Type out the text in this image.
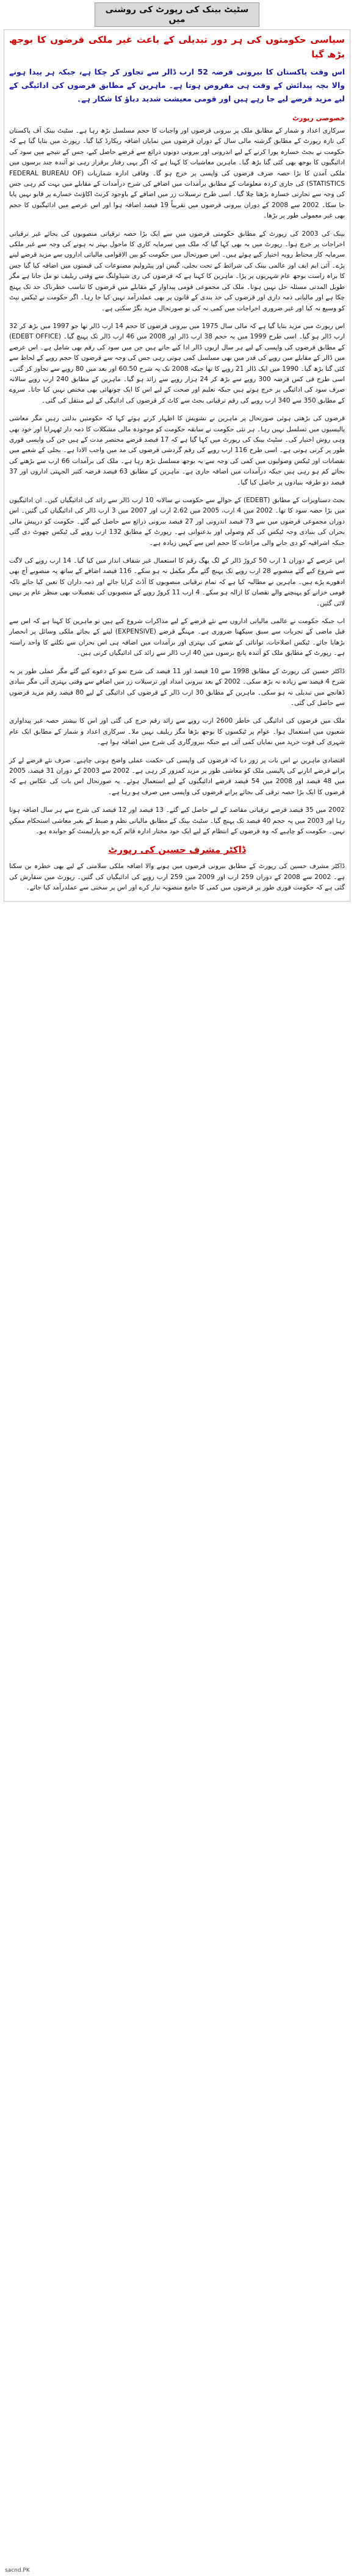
سٹیٹ بینک کی رپورٹ کی روشنی میں
سیاسی حکومتوں کی ہر دور تبدیلی کے باعث غیر ملکی قرضوں کا بوجھ بڑھ گیا

اس وقت پاکستان کا بیرونی قرضہ 52 ارب ڈالر سے تجاوز کر چکا ہے، جبکہ ہر پیدا ہونے والا بچہ پیدائش کے وقت ہی مقروض ہوتا ہے۔ ماہرین کے مطابق قرضوں کی ادائیگی کے لیے مزید قرضے لیے جا رہے ہیں اور قومی معیشت شدید دباؤ کا شکار ہے۔

خصوصی رپورٹ

سرکاری اعداد و شمار کے مطابق ملک پر بیرونی قرضوں اور واجبات کا حجم مسلسل بڑھ رہا ہے۔ سٹیٹ بینک آف پاکستان کی تازہ رپورٹ کے مطابق گزشتہ مالی سال کے دوران قرضوں میں نمایاں اضافہ ریکارڈ کیا گیا۔ رپورٹ میں بتایا گیا ہے کہ حکومت نے بجٹ خسارہ پورا کرنے کے لیے اندرونی اور بیرونی دونوں ذرائع سے قرضے حاصل کیے، جس کے نتیجے میں سود کی ادائیگیوں کا بوجھ بھی کئی گنا بڑھ گیا۔ ماہرین معاشیات کا کہنا ہے کہ اگر یہی رفتار برقرار رہی تو آئندہ چند برسوں میں ملکی آمدن کا بڑا حصہ صرف قرضوں کی واپسی پر خرچ ہو گا۔ وفاقی ادارہ شماریات (FEDERAL BUREAU OF STATISTICS) کی جاری کردہ معلومات کے مطابق برآمدات میں اضافے کی شرح درآمدات کے مقابلے میں بہت کم رہی جس کی وجہ سے تجارتی خسارہ بڑھتا چلا گیا۔ اسی طرح ترسیلات زر میں اضافے کے باوجود کرنٹ اکاؤنٹ خسارے پر قابو نہیں پایا جا سکا۔ 2002 سے 2008 کے دوران بیرونی قرضوں میں تقریباً 19 فیصد اضافہ ہوا اور اس عرصے میں ادائیگیوں کا حجم بھی غیر معمولی طور پر بڑھا۔

بینک کی 2003 کی رپورٹ کے مطابق حکومتی قرضوں میں سے ایک بڑا حصہ ترقیاتی منصوبوں کی بجائے غیر ترقیاتی اخراجات پر خرچ ہوا۔ رپورٹ میں یہ بھی کہا گیا کہ ملک میں سرمایہ کاری کا ماحول بہتر نہ ہونے کی وجہ سے غیر ملکی سرمایہ کار محتاط رویہ اختیار کیے ہوئے ہیں۔ اس صورتحال میں حکومت کو بین الاقوامی مالیاتی اداروں سے مزید قرضے لینے پڑے۔ آئی ایم ایف اور عالمی بینک کی شرائط کے تحت بجلی، گیس اور پیٹرولیم مصنوعات کی قیمتوں میں اضافہ کیا گیا جس کا براہ راست بوجھ عام شہریوں پر پڑا۔ ماہرین کا کہنا ہے کہ قرضوں کی ری شیڈولنگ سے وقتی ریلیف تو مل جاتا ہے مگر طویل المدتی مسئلہ حل نہیں ہوتا۔ ملک کی مجموعی قومی پیداوار کے مقابلے میں قرضوں کا تناسب خطرناک حد تک پہنچ چکا ہے اور مالیاتی ذمہ داری اور قرضوں کی حد بندی کے قانون پر بھی عملدرآمد نہیں کیا جا رہا۔ اگر حکومت نے ٹیکس نیٹ کو وسیع نہ کیا اور غیر ضروری اخراجات میں کمی نہ کی تو صورتحال مزید بگڑ سکتی ہے۔

اس رپورٹ میں مزید بتایا گیا ہے کہ مالی سال 1975 میں بیرونی قرضوں کا حجم 14 ارب ڈالر تھا جو 1997 میں بڑھ کر 32 ارب ڈالر ہو گیا۔ اسی طرح 1999 میں یہ حجم 38 ارب ڈالر اور 2008 میں 46 ارب ڈالر تک پہنچ گیا۔ (EDEBT OFFICE) کے مطابق قرضوں کی واپسی کے لیے ہر سال اربوں ڈالر ادا کیے جاتے ہیں جن میں سود کی رقم بھی شامل ہے۔ اس عرصے میں ڈالر کے مقابلے میں روپے کی قدر میں بھی مسلسل کمی ہوتی رہی جس کی وجہ سے قرضوں کا حجم روپے کے لحاظ سے کئی گنا بڑھ گیا۔ 1990 میں ایک ڈالر 21 روپے کا تھا جبکہ 2008 تک یہ شرح 60.50 اور بعد میں 80 روپے سے تجاوز کر گئی۔ اسی طرح فی کس قرضہ 300 روپے سے بڑھ کر 24 ہزار روپے سے زائد ہو گیا۔ ماہرین کے مطابق 240 ارب روپے سالانہ صرف سود کی ادائیگی پر خرچ ہوتے ہیں جبکہ تعلیم اور صحت کے لیے اس کا ایک چوتھائی بھی مختص نہیں کیا جاتا۔ سروے کے مطابق 350 سے 340 ارب روپے کی رقم ترقیاتی بجٹ سے کاٹ کر قرضوں کی ادائیگی کے لیے منتقل کی گئی۔

قرضوں کی بڑھتی ہوئی صورتحال پر ماہرین نے تشویش کا اظہار کرتے ہوئے کہا کہ حکومتیں بدلتی رہیں مگر معاشی پالیسیوں میں تسلسل نہیں رہا۔ ہر نئی حکومت نے سابقہ حکومت کو موجودہ مالی مشکلات کا ذمہ دار ٹھہرایا اور خود بھی وہی روش اختیار کی۔ سٹیٹ بینک کی رپورٹ میں کہا گیا ہے کہ 17 فیصد قرضے مختصر مدت کے ہیں جن کی واپسی فوری طور پر کرنی ہوتی ہے۔ اسی طرح 116 ارب روپے کی رقم گردشی قرضوں کی مد میں واجب الادا ہے۔ بجلی کے شعبے میں نقصانات اور ٹیکس وصولیوں میں کمی کی وجہ سے یہ بوجھ مسلسل بڑھ رہا ہے۔ ملک کی برآمدات 66 ارب سے بڑھنے کی بجائے کم ہو رہی ہیں جبکہ درآمدات میں اضافہ جاری ہے۔ ماہرین کے مطابق 63 فیصد قرضہ کثیر الجہتی اداروں اور 37 فیصد دو طرفہ بنیادوں پر حاصل کیا گیا۔

بجٹ دستاویزات کے مطابق (EDEBT) کے حوالے سے حکومت نے سالانہ 10 ارب ڈالر سے زائد کی ادائیگیاں کیں۔ ان ادائیگیوں میں بڑا حصہ سود کا تھا۔ 2002 میں 4 ارب، 2005 میں 2.62 ارب اور 2007 میں 3 ارب ڈالر کی ادائیگیاں کی گئیں۔ اس دوران مجموعی قرضوں میں سے 73 فیصد اندرونی اور 27 فیصد بیرونی ذرائع سے حاصل کیے گئے۔ حکومت کو درپیش مالی بحران کی بنیادی وجہ ٹیکس کی کم وصولی اور بدعنوانی ہے۔ رپورٹ کے مطابق 132 ارب روپے کی ٹیکس چھوٹ دی گئی جبکہ اشرافیہ کو دی جانے والی مراعات کا حجم اس سے کہیں زیادہ ہے۔

اس عرصے کے دوران 1 ارب 50 کروڑ ڈالر کے لگ بھگ رقم کا استعمال غیر شفاف انداز میں کیا گیا۔ 14 ارب روپے کی لاگت سے شروع کیے گئے منصوبے 28 ارب روپے تک پہنچ گئے مگر مکمل نہ ہو سکے۔ 116 فیصد اضافے کے ساتھ یہ منصوبے آج بھی ادھورے پڑے ہیں۔ ماہرین نے مطالبہ کیا ہے کہ تمام ترقیاتی منصوبوں کا آڈٹ کرایا جائے اور ذمہ داران کا تعین کیا جائے تاکہ قومی خزانے کو پہنچنے والے نقصان کا ازالہ ہو سکے۔ 4 ارب 11 کروڑ روپے کے منصوبوں کی تفصیلات بھی منظر عام پر نہیں لائی گئیں۔

اب جبکہ حکومت نے عالمی مالیاتی اداروں سے نئے قرضے کے لیے مذاکرات شروع کیے ہیں تو ماہرین کا کہنا ہے کہ اس سے قبل ماضی کے تجربات سے سبق سیکھنا ضروری ہے۔ مہنگے قرضے (EXPENSIVE) لینے کے بجائے ملکی وسائل پر انحصار بڑھایا جائے۔ ٹیکس اصلاحات، توانائی کے شعبے کی بہتری اور برآمدات میں اضافہ ہی اس بحران سے نکلنے کا واحد راستہ ہے۔ رپورٹ کے مطابق ملک کو آئندہ پانچ برسوں میں 40 ارب ڈالر سے زائد کی ادائیگیاں کرنی ہیں۔

ڈاکٹر حسین کی رپورٹ کے مطابق 1998 سے 10 فیصد اور 11 فیصد کی شرح نمو کے دعوے کیے گئے مگر عملی طور پر یہ شرح 4 فیصد سے زیادہ نہ بڑھ سکی۔ 2002 کے بعد بیرونی امداد اور ترسیلات زر میں اضافے سے وقتی بہتری آئی مگر بنیادی ڈھانچے میں تبدیلی نہ ہو سکی۔ ماہرین کے مطابق 30 ارب ڈالر کے قرضوں کی ادائیگی کے لیے 80 فیصد رقم مزید قرضوں سے حاصل کی گئی۔

ملک میں قرضوں کی ادائیگی کی خاطر 2600 ارب روپے سے زائد رقم خرچ کی گئی اور اس کا بیشتر حصہ غیر پیداواری شعبوں میں استعمال ہوا۔ عوام پر ٹیکسوں کا بوجھ بڑھا مگر ریلیف نہیں ملا۔ سرکاری اعداد و شمار کے مطابق ایک عام شہری کی قوت خرید میں نمایاں کمی آئی ہے جبکہ بیروزگاری کی شرح میں اضافہ ہوا ہے۔

اقتصادی ماہرین نے اس بات پر زور دیا کہ قرضوں کی واپسی کی حکمت عملی واضح ہونی چاہیے۔ صرف نئے قرضے لے کر پرانے قرضے اتارنے کی پالیسی ملک کو معاشی طور پر مزید کمزور کر رہی ہے۔ 2002 سے 2003 کے دوران 31 فیصد، 2005 میں 48 فیصد اور 2008 میں 54 فیصد قرضے ادائیگیوں کے لیے استعمال ہوئے۔ یہ صورتحال اس بات کی عکاس ہے کہ قرضوں کا ایک بڑا حصہ ترقی کی بجائے پرانے قرضوں کی واپسی میں صرف ہو رہا ہے۔

2002 میں 35 فیصد قرضے ترقیاتی مقاصد کے لیے حاصل کیے گئے۔ 13 فیصد اور 12 فیصد کی شرح سے ہر سال اضافہ ہوتا رہا اور 2003 میں یہ حجم 40 فیصد تک پہنچ گیا۔ سٹیٹ بینک کے مطابق مالیاتی نظم و ضبط کے بغیر معاشی استحکام ممکن نہیں۔ حکومت کو چاہیے کہ وہ قرضوں کے انتظام کے لیے ایک خود مختار ادارہ قائم کرے جو پارلیمنٹ کو جوابدہ ہو۔

ڈاکٹر مشرف حسین کی رپورٹ

ڈاکٹر مشرف حسین کی رپورٹ کے مطابق بیرونی قرضوں میں ہونے والا اضافہ ملکی سلامتی کے لیے بھی خطرہ بن سکتا ہے۔ 2002 سے 2008 کے دوران 259 ارب اور 2009 میں 259 ارب روپے کی ادائیگیاں کی گئیں۔ رپورٹ میں سفارش کی گئی ہے کہ حکومت فوری طور پر قرضوں میں کمی کا جامع منصوبہ تیار کرے اور اس پر سختی سے عملدرآمد کیا جائے۔

sacnd.PK
